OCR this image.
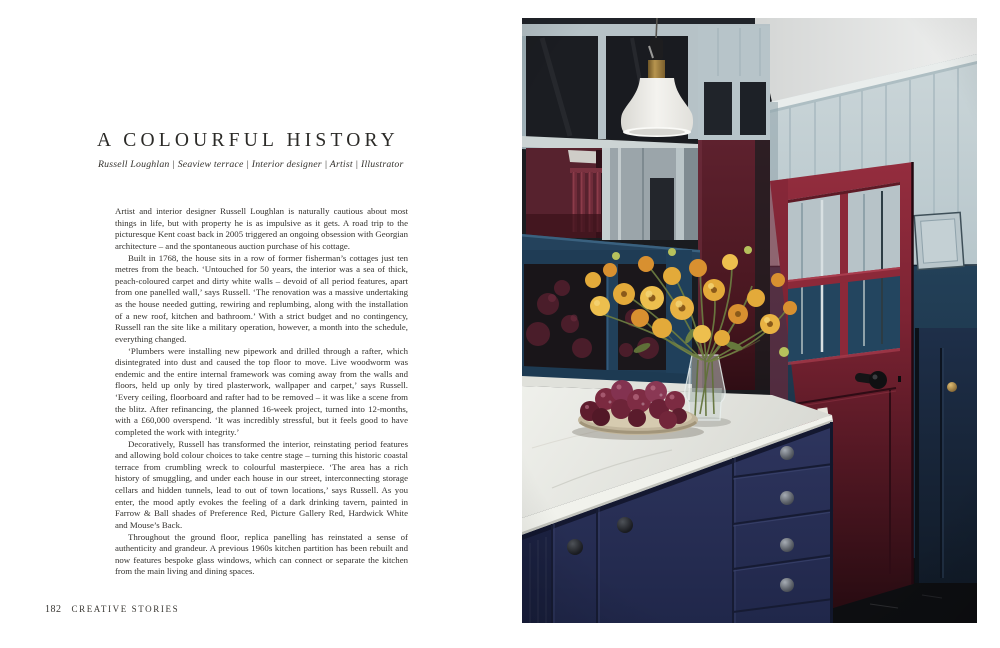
A COLOURFUL HISTORY
Russell Loughlan | Seaview terrace | Interior designer | Artist | Illustrator

Artist and interior designer Russell Loughlan is naturally cautious about most things in life, but with property he is as impulsive as it gets. A road trip to the picturesque Kent coast back in 2005 triggered an ongoing obsession with Georgian architecture – and the spontaneous auction purchase of his cottage.

Built in 1768, the house sits in a row of former fisherman’s cottages just ten metres from the beach. ‘Untouched for 50 years, the interior was a sea of thick, peach-coloured carpet and dirty white walls – devoid of all period features, apart from one panelled wall,’ says Russell. ‘The renovation was a massive undertaking as the house needed gutting, rewiring and replumbing, along with the installation of a new roof, kitchen and bathroom.’ With a strict budget and no contingency, Russell ran the site like a military operation, however, a month into the schedule, everything changed.

‘Plumbers were installing new pipework and drilled through a rafter, which disintegrated into dust and caused the top floor to move. Live woodworm was endemic and the entire internal framework was coming away from the walls and floors, held up only by tired plasterwork, wallpaper and carpet,’ says Russell. ‘Every ceiling, floorboard and rafter had to be removed – it was like a scene from the blitz. After refinancing, the planned 16-week project, turned into 12-months, with a £60,000 overspend. ‘It was incredibly stressful, but it feels good to have completed the work with integrity.’

Decoratively, Russell has transformed the interior, reinstating period features and allowing bold colour choices to take centre stage – turning this historic coastal terrace from crumbling wreck to colourful masterpiece. ‘The area has a rich history of smuggling, and under each house in our street, interconnecting storage cellars and hidden tunnels, lead to out of town locations,’ says Russell. As you enter, the mood aptly evokes the feeling of a dark drinking tavern, painted in Farrow & Ball shades of Preference Red, Picture Gallery Red, Hardwick White and Mouse’s Back.

Throughout the ground floor, replica panelling has reinstated a sense of authenticity and grandeur. A previous 1960s kitchen partition has been rebuilt and now features bespoke glass windows, which can connect or separate the kitchen from the main living and dining spaces.

182 CREATIVE STORIES
